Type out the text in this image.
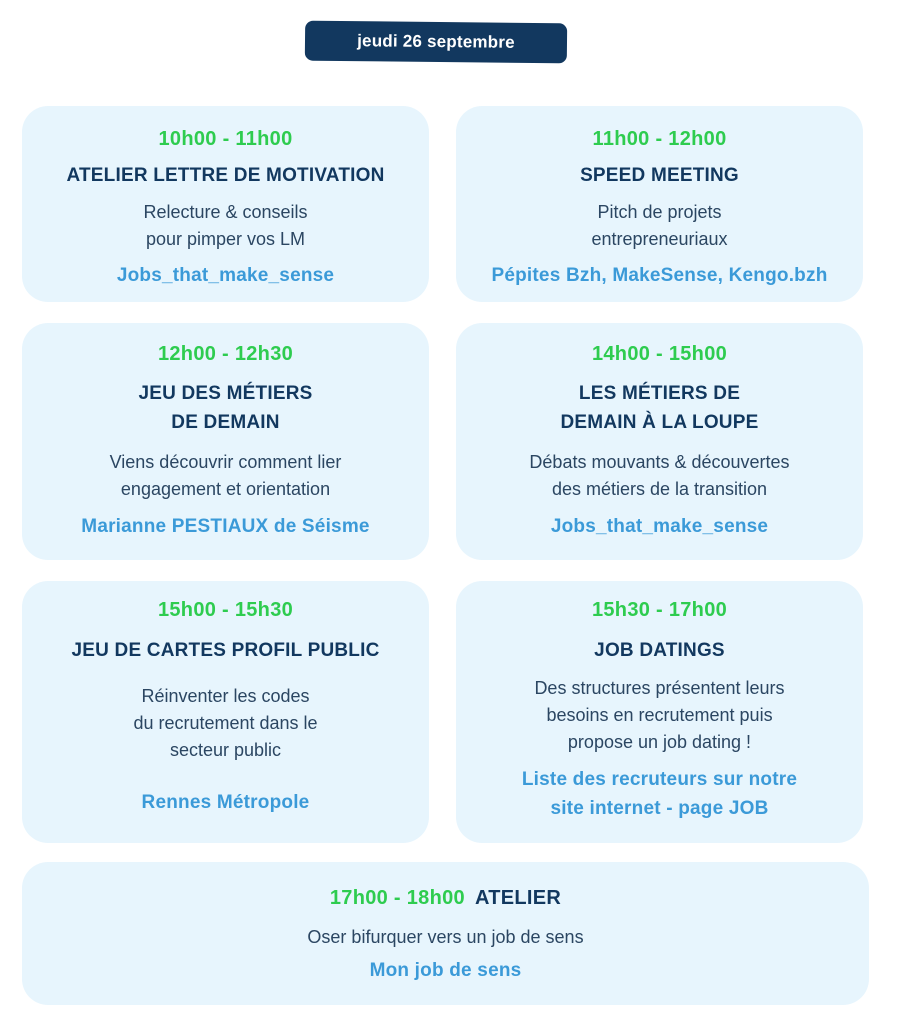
jeudi 26 septembre
10h00 - 11h00
ATELIER LETTRE DE MOTIVATION
Relecture & conseils
pour pimper vos LM
Jobs_that_make_sense
11h00 - 12h00
SPEED MEETING
Pitch de projets
entrepreneuriaux
Pépites Bzh, MakeSense, Kengo.bzh
12h00 - 12h30
JEU DES MÉTIERS
DE DEMAIN
Viens découvrir comment lier
engagement et orientation
Marianne PESTIAUX de Séisme
14h00 - 15h00
LES MÉTIERS DE
DEMAIN À LA LOUPE
Débats mouvants & découvertes
des métiers de la transition
Jobs_that_make_sense
15h00 - 15h30
JEU DE CARTES PROFIL PUBLIC
Réinventer les codes
du recrutement dans le
secteur public
Rennes Métropole
15h30 - 17h00
JOB DATINGS
Des structures présentent leurs
besoins en recrutement puis
propose un job dating !
Liste des recruteurs sur notre
site internet - page JOB
17h00 - 18h00 ATELIER
Oser bifurquer vers un job de sens
Mon job de sens
